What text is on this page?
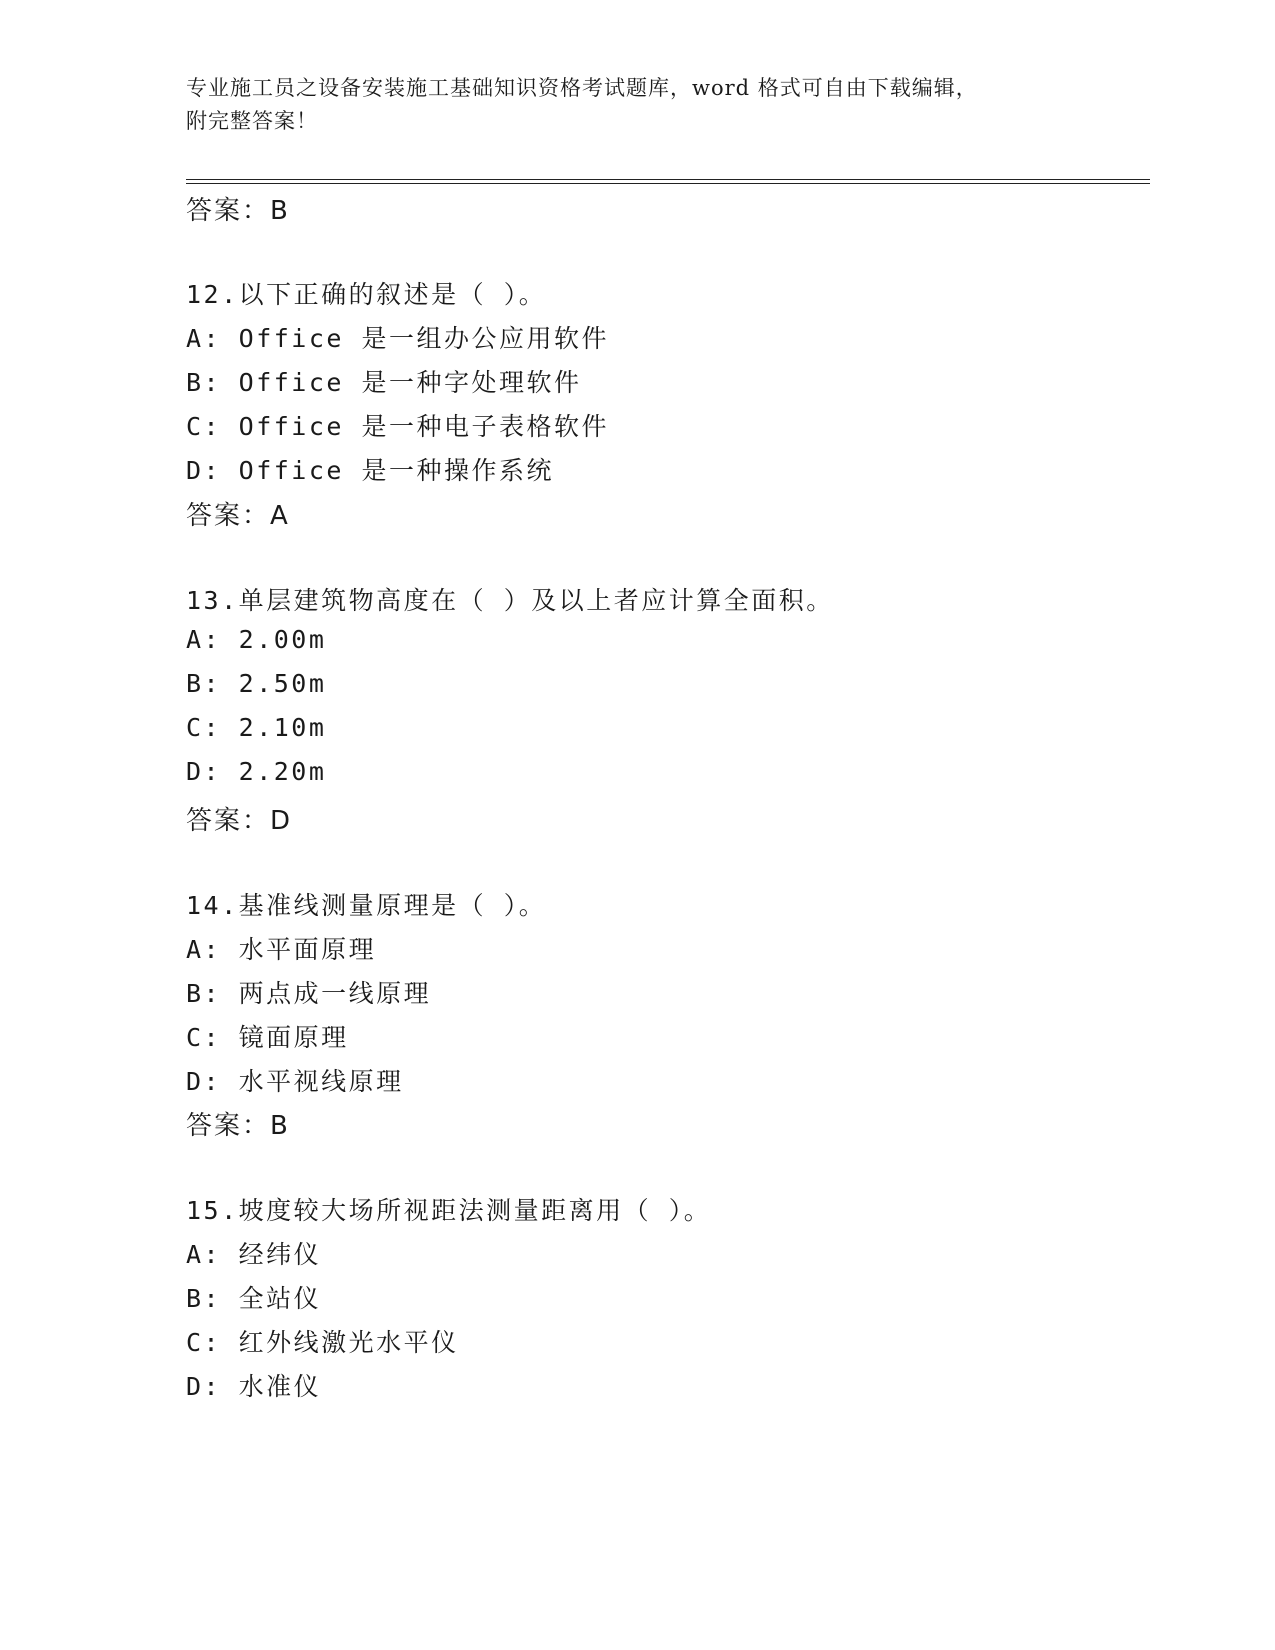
专业施工员之设备安装施工基础知识资格考试题库，word 格式可自由下载编辑，
附完整答案！
答案：B
12.以下正确的叙述是（ ）。
A: Office 是一组办公应用软件
B: Office 是一种字处理软件
C: Office 是一种电子表格软件
D: Office 是一种操作系统
答案：A
13.单层建筑物高度在（ ）及以上者应计算全面积。
A: 2.00m
B: 2.50m
C: 2.10m
D: 2.20m
答案：D
14.基准线测量原理是（ ）。
A: 水平面原理
B: 两点成一线原理
C: 镜面原理
D: 水平视线原理
答案：B
15.坡度较大场所视距法测量距离用（ ）。
A: 经纬仪
B: 全站仪
C: 红外线激光水平仪
D: 水准仪
